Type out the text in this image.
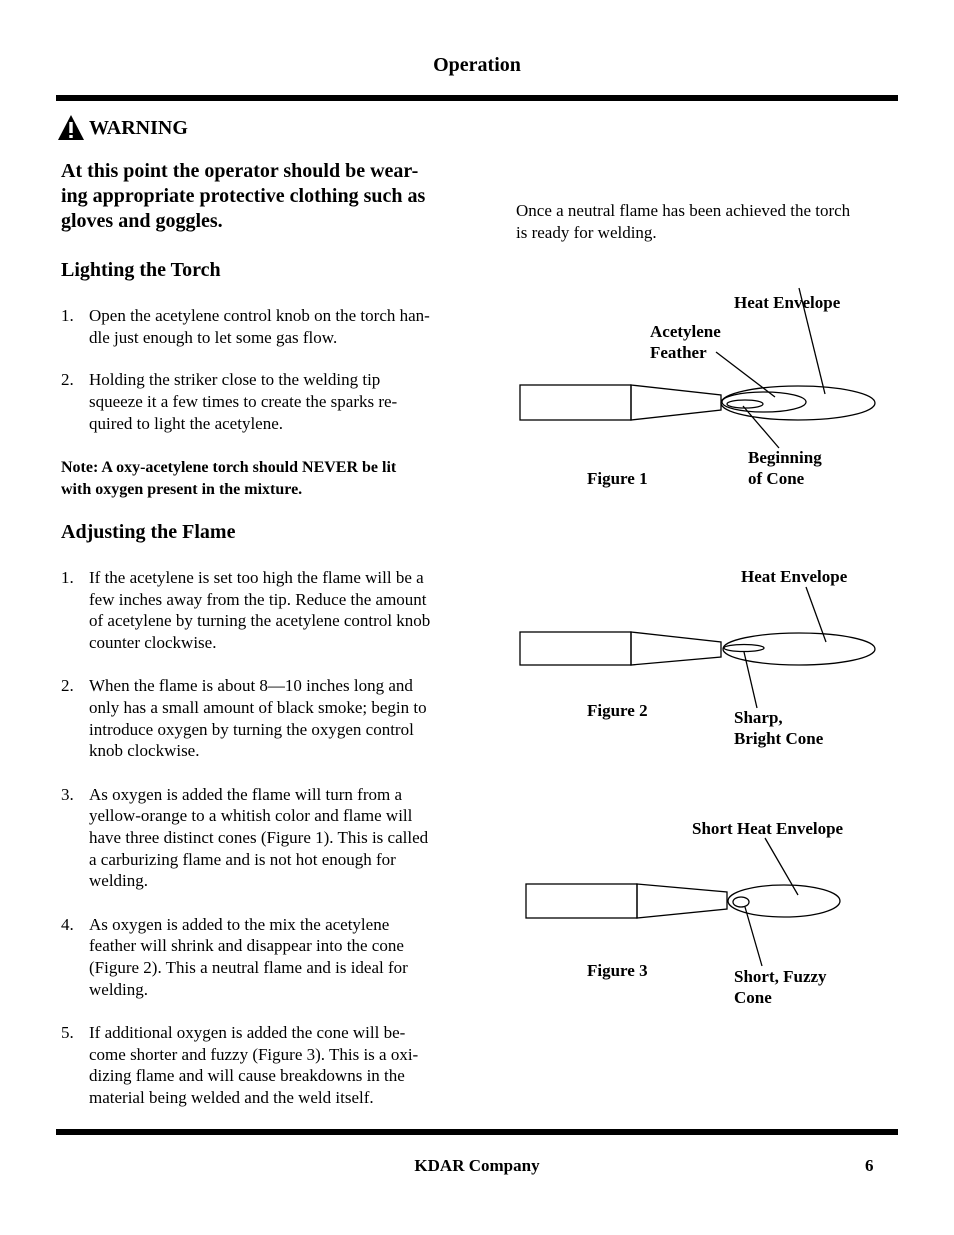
Operation
WARNING
At this point the operator should be wear-
ing appropriate protective clothing such as
gloves and goggles.
Lighting the Torch
1. Open the acetylene control knob on the torch han-
dle just enough to let some gas flow.
2. Holding the striker close to the welding tip
squeeze it a few times to create the sparks re-
quired to light the acetylene.
Note: A oxy-acetylene torch should NEVER be lit
with oxygen present in the mixture.
Adjusting the Flame
1. If the acetylene is set too high the flame will be a
few inches away from the tip. Reduce the amount
of acetylene by turning the acetylene control knob
counter clockwise.
2. When the flame is about 8—10 inches long and
only has a small amount of black smoke; begin to
introduce oxygen by turning the oxygen control
knob clockwise.
3. As oxygen is added the flame will turn from a
yellow-orange to a whitish color and flame will
have three distinct cones (Figure 1). This is called
a carburizing flame and is not hot enough for
welding.
4. As oxygen is added to the mix the acetylene
feather will shrink and disappear into the cone
(Figure 2). This a neutral flame and is ideal for
welding.
5. If additional oxygen is added the cone will be-
come shorter and fuzzy (Figure 3). This is a oxi-
dizing flame and will cause breakdowns in the
material being welded and the weld itself.
Once a neutral flame has been achieved the torch
is ready for welding.
Heat Envelope
Acetylene
Feather
Beginning
of Cone
Figure 1
Heat Envelope
Figure 2	Sharp,
Bright Cone
Short Heat Envelope
Figure 3	Short, Fuzzy
Cone
KDAR Company	6
